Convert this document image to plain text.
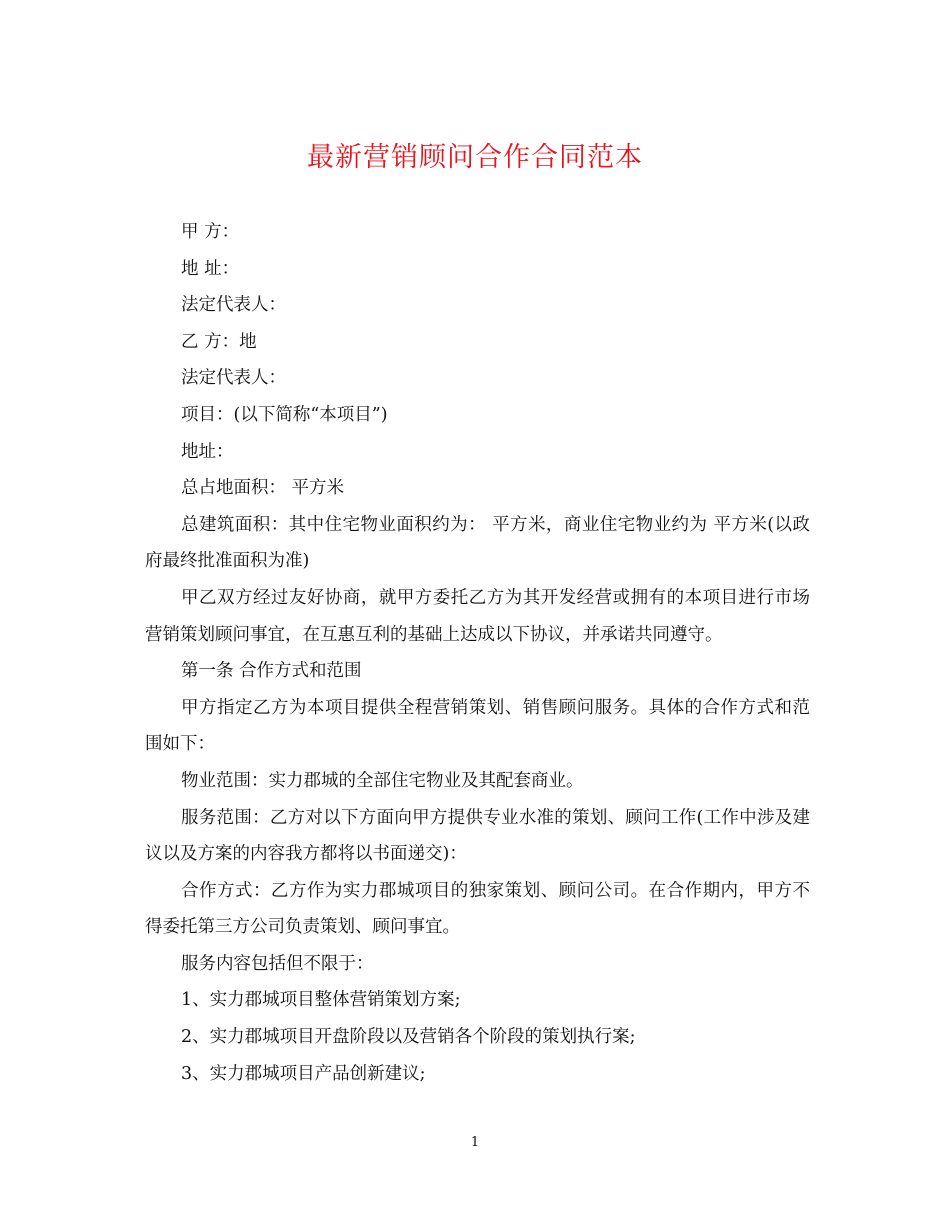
最新营销顾问合作合同范本

甲 方：

地 址：

法定代表人：

乙 方：地

法定代表人：

项目：(以下简称“本项目”)

地址：

总占地面积： 平方米

总建筑面积：其中住宅物业面积约为： 平方米，商业住宅物业约为 平方米(以政府最终批准面积为准)

甲乙双方经过友好协商，就甲方委托乙方为其开发经营或拥有的本项目进行市场营销策划顾问事宜，在互惠互利的基础上达成以下协议，并承诺共同遵守。

第一条 合作方式和范围

甲方指定乙方为本项目提供全程营销策划、销售顾问服务。具体的合作方式和范围如下：

物业范围：实力郡城的全部住宅物业及其配套商业。

服务范围：乙方对以下方面向甲方提供专业水准的策划、顾问工作(工作中涉及建议以及方案的内容我方都将以书面递交)：

合作方式：乙方作为实力郡城项目的独家策划、顾问公司。在合作期内，甲方不得委托第三方公司负责策划、顾问事宜。

服务内容包括但不限于：

1、实力郡城项目整体营销策划方案;

2、实力郡城项目开盘阶段以及营销各个阶段的策划执行案;

3、实力郡城项目产品创新建议;

1
